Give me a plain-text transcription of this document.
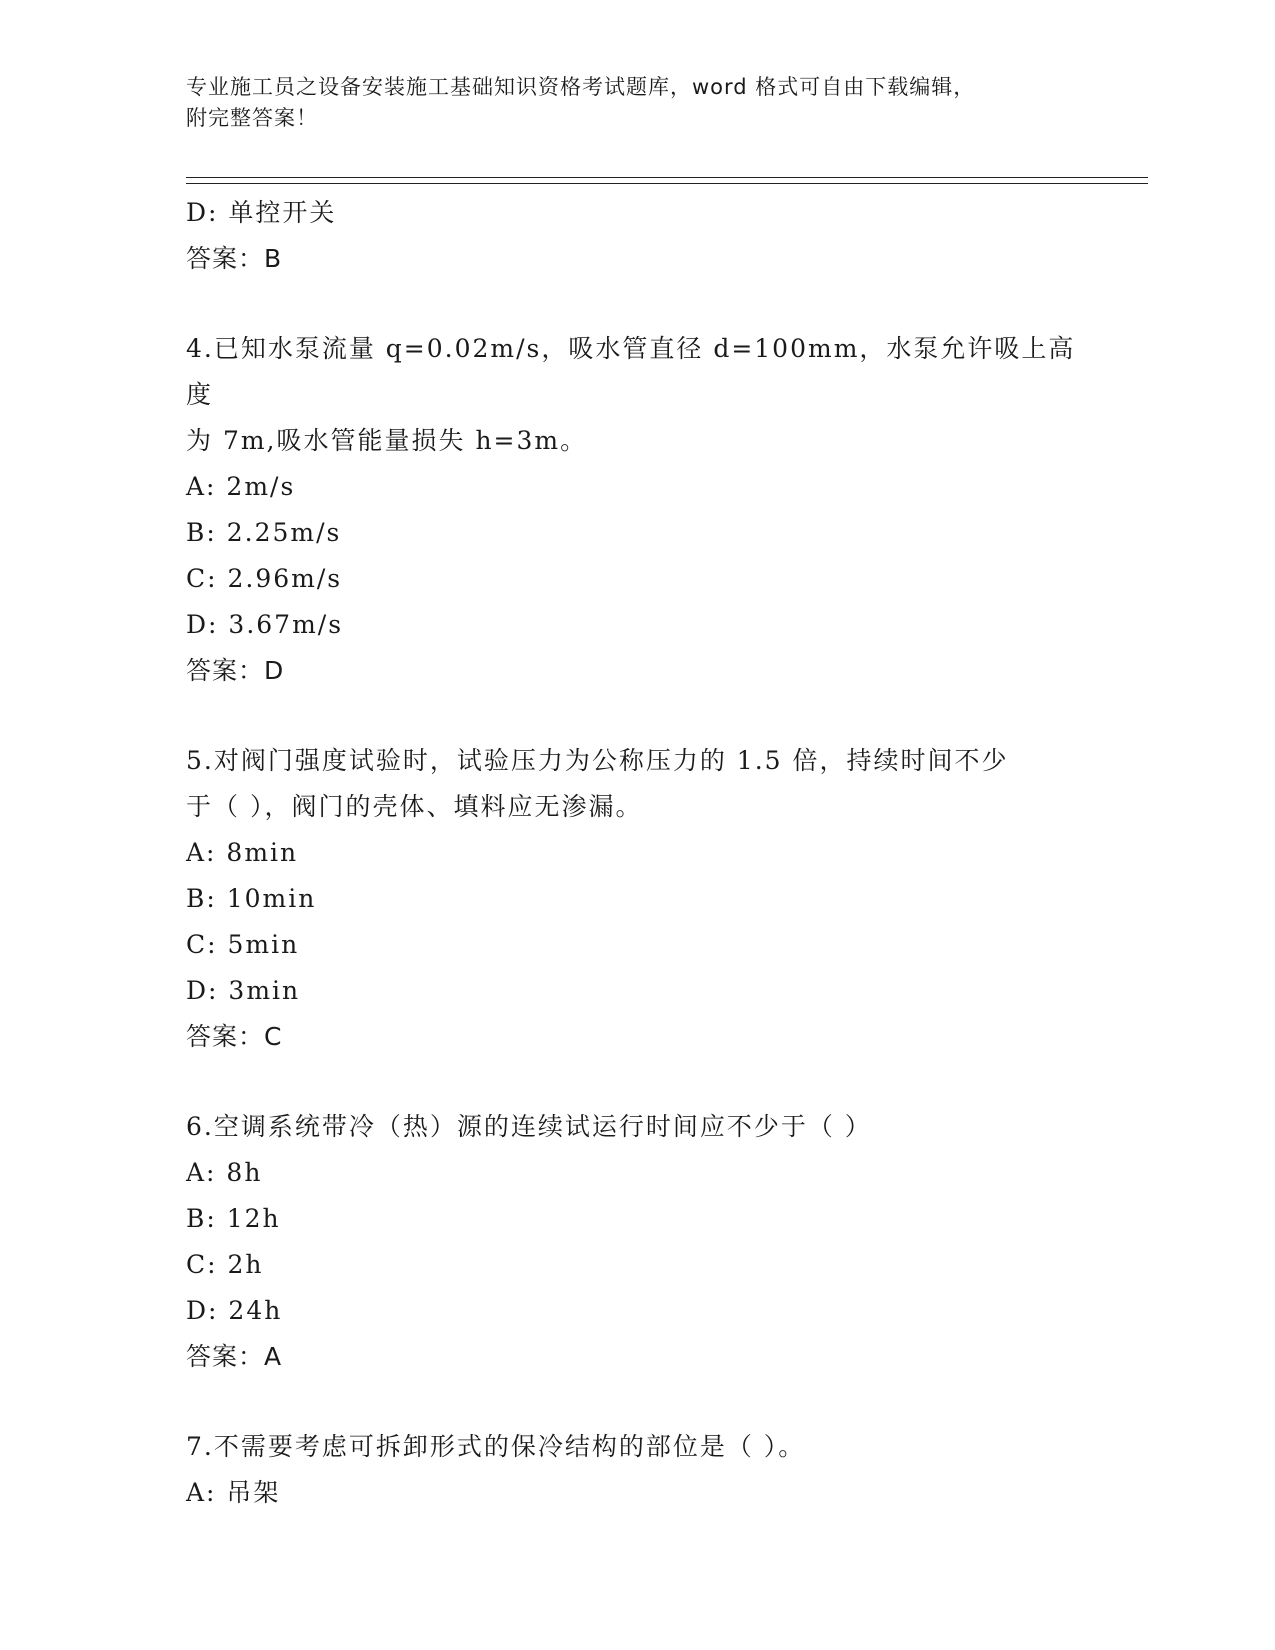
专业施工员之设备安装施工基础知识资格考试题库，word 格式可自由下载编辑，
附完整答案！
D: 单控开关
答案：B
4.已知水泵流量 q=0.02m/s，吸水管直径 d=100mm，水泵允许吸上高度
为 7m,吸水管能量损失 h=3m。
A: 2m/s
B: 2.25m/s
C: 2.96m/s
D: 3.67m/s
答案：D
5.对阀门强度试验时，试验压力为公称压力的 1.5 倍，持续时间不少
于（ ），阀门的壳体、填料应无渗漏。
A: 8min
B: 10min
C: 5min
D: 3min
答案：C
6.空调系统带冷（热）源的连续试运行时间应不少于（ ）
A: 8h
B: 12h
C: 2h
D: 24h
答案：A
7.不需要考虑可拆卸形式的保冷结构的部位是（ ）。
A: 吊架
